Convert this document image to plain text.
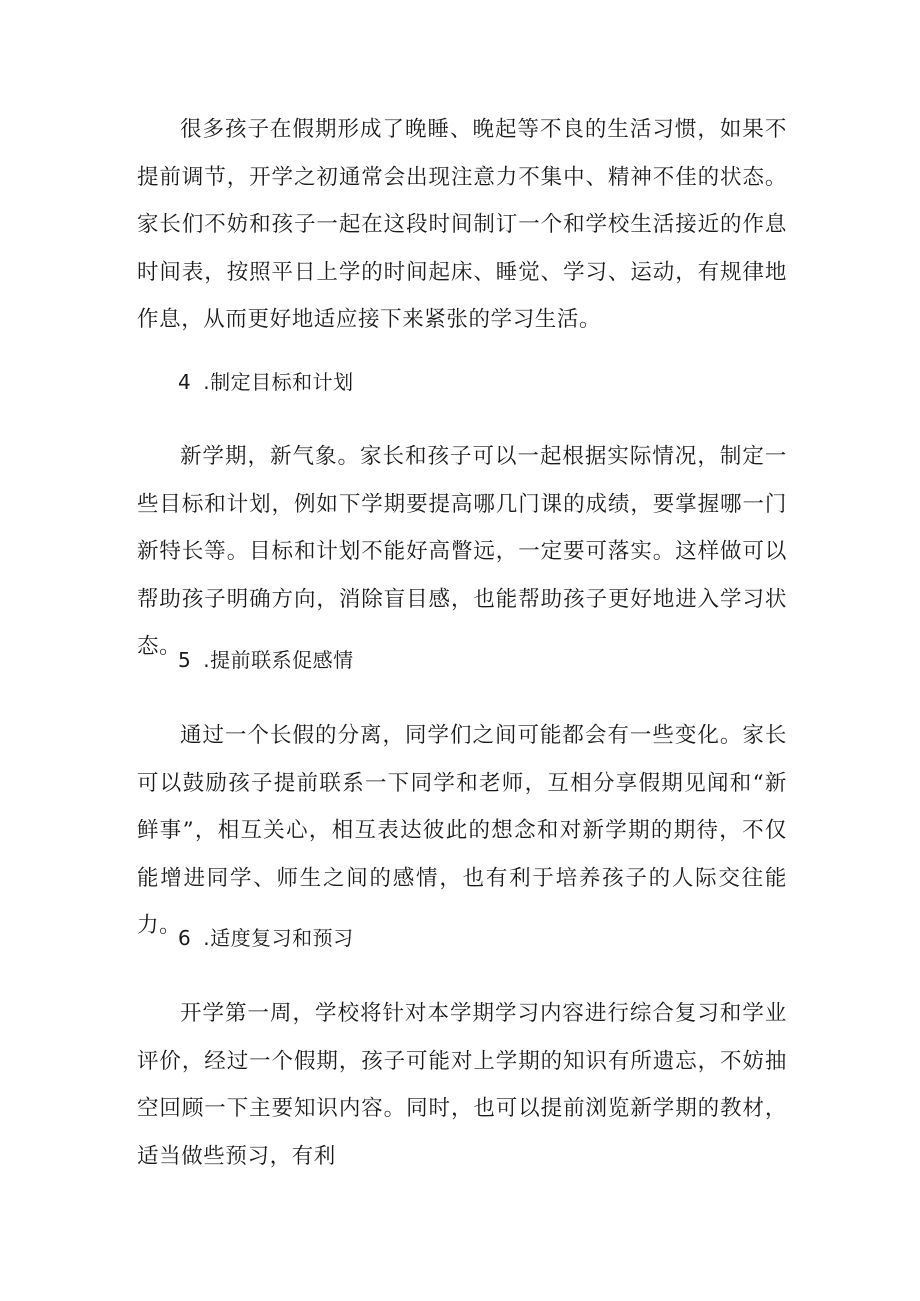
很多孩子在假期形成了晚睡、晚起等不良的生活习惯，如果不提前调节，开学之初通常会出现注意力不集中、精神不佳的状态。家长们不妨和孩子一起在这段时间制订一个和学校生活接近的作息时间表，按照平日上学的时间起床、睡觉、学习、运动，有规律地作息，从而更好地适应接下来紧张的学习生活。

4 .制定目标和计划

新学期，新气象。家长和孩子可以一起根据实际情况，制定一些目标和计划，例如下学期要提高哪几门课的成绩，要掌握哪一门新特长等。目标和计划不能好高瞥远，一定要可落实。这样做可以帮助孩子明确方向，消除盲目感，也能帮助孩子更好地进入学习状态。

5 .提前联系促感情

通过一个长假的分离，同学们之间可能都会有一些变化。家长可以鼓励孩子提前联系一下同学和老师，互相分享假期见闻和“新鲜事”，相互关心，相互表达彼此的想念和对新学期的期待，不仅能增进同学、师生之间的感情，也有利于培养孩子的人际交往能力。

6 .适度复习和预习

开学第一周，学校将针对本学期学习内容进行综合复习和学业评价，经过一个假期，孩子可能对上学期的知识有所遗忘，不妨抽空回顾一下主要知识内容。同时，也可以提前浏览新学期的教材，适当做些预习，有利
